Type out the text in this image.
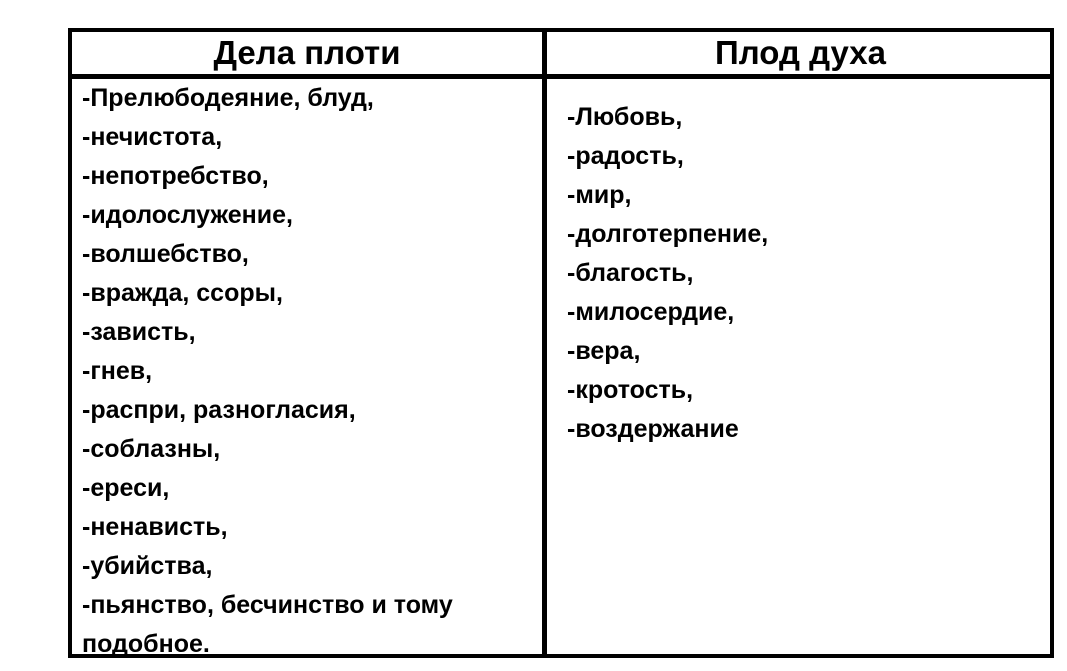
Дела плоти	Плод духа
-Прелюбодеяние, блуд,
-нечистота,
-непотребство,
-идолослужение,
-волшебство,
-вражда, ссоры,
-зависть,
-гнев,
-распри, разногласия,
-соблазны,
-ереси,
-ненависть,
-убийства,
-пьянство, бесчинство и тому
подобное.
-Любовь,
-радость,
-мир,
-долготерпение,
-благость,
-милосердие,
-вера,
-кротость,
-воздержание
